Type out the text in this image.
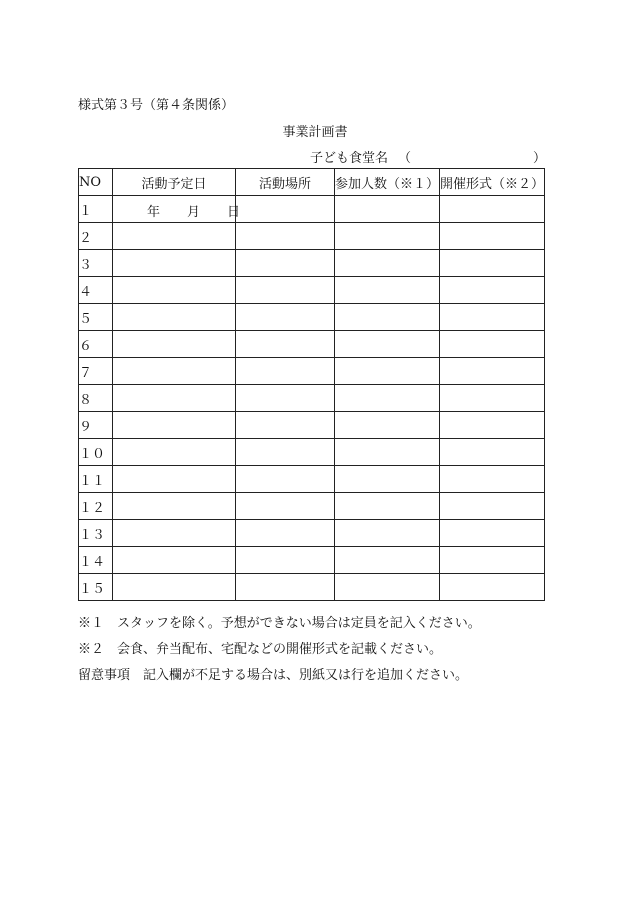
様式第３号（第４条関係）
事業計画書
子ども食堂名 （	）
NO	活動予定日	活動場所	参加人数（※１）	開催形式（※２）
１	年 月 日			

２				
３				
４				
５				
６				
７				
８				
９				
１０				
１１				
１２				
１３				
１４				
１５				
※１　スタッフを除く。予想ができない場合は定員を記入ください。
※２　会食、弁当配布、宅配などの開催形式を記載ください。
留意事項　記入欄が不足する場合は、別紙又は行を追加ください。
